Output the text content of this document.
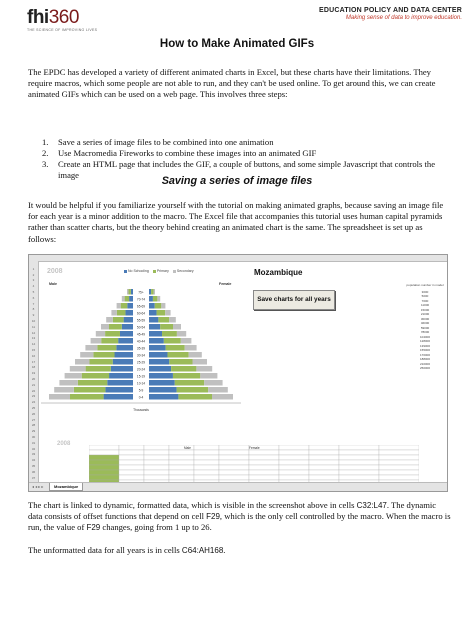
fhi360
THE SCIENCE OF IMPROVING LIVES
EDUCATION POLICY AND DATA CENTER
Making sense of data to improve education.
How to Make Animated GIFs

The EPDC has developed a variety of different animated charts in Excel, but these charts have their limitations. They require macros, which some people are not able to run, and they can't be used online. To get around this, we can create animated GIFs which can be used on a web page. This involves three steps:

1. Save a series of image files to be combined into one animation
2. Use Macromedia Fireworks to combine these images into an animated GIF
3. Create an HTML page that includes the GIF, a couple of buttons, and some simple Javascript that controls the image	Saving a series of image files

It would be helpful if you familiarize yourself with the tutorial on making animated graphs, because saving an image file for each year is a minor addition to the macro. The Excel file that accompanies this tutorial uses human capital pyramids rather than scatter charts, but the theory behind creating an animated chart is the same. The spreadsheet is set up as follows:

1
2
3
4
5
6
7
8
9
10
11
12
13
14
15
16
17
18
19
20
21
22
23
24
25
26
27
28
29
30
31
32
33
34
35
36
37
2008	No Schooling Primary Secondary
Male	Female
75+
70-74
65-69
60-64
55-59
50-54
45-49
40-44
35-39
30-34
25-29
20-24
15-19
10-14
5-9
0-4
Thousands
Mozambique
Save charts for all years
population number in model
3000
5000
7000
11000
15000
21000
30000
46000
59000
78000
104000
128000
139000
155000
170000
188000
210000
250000
2008
Male	Female
◂ ◂ ▸ ▸	Mozambique

The chart is linked to dynamic, formatted data, which is visible in the screenshot above in cells C32:L47. The dynamic data consists of offset functions that depend on cell F29, which is the only cell controlled by the macro. When the macro is run, the value of F29 changes, going from 1 up to 26.

The unformatted data for all years is in cells C64:AH168.
